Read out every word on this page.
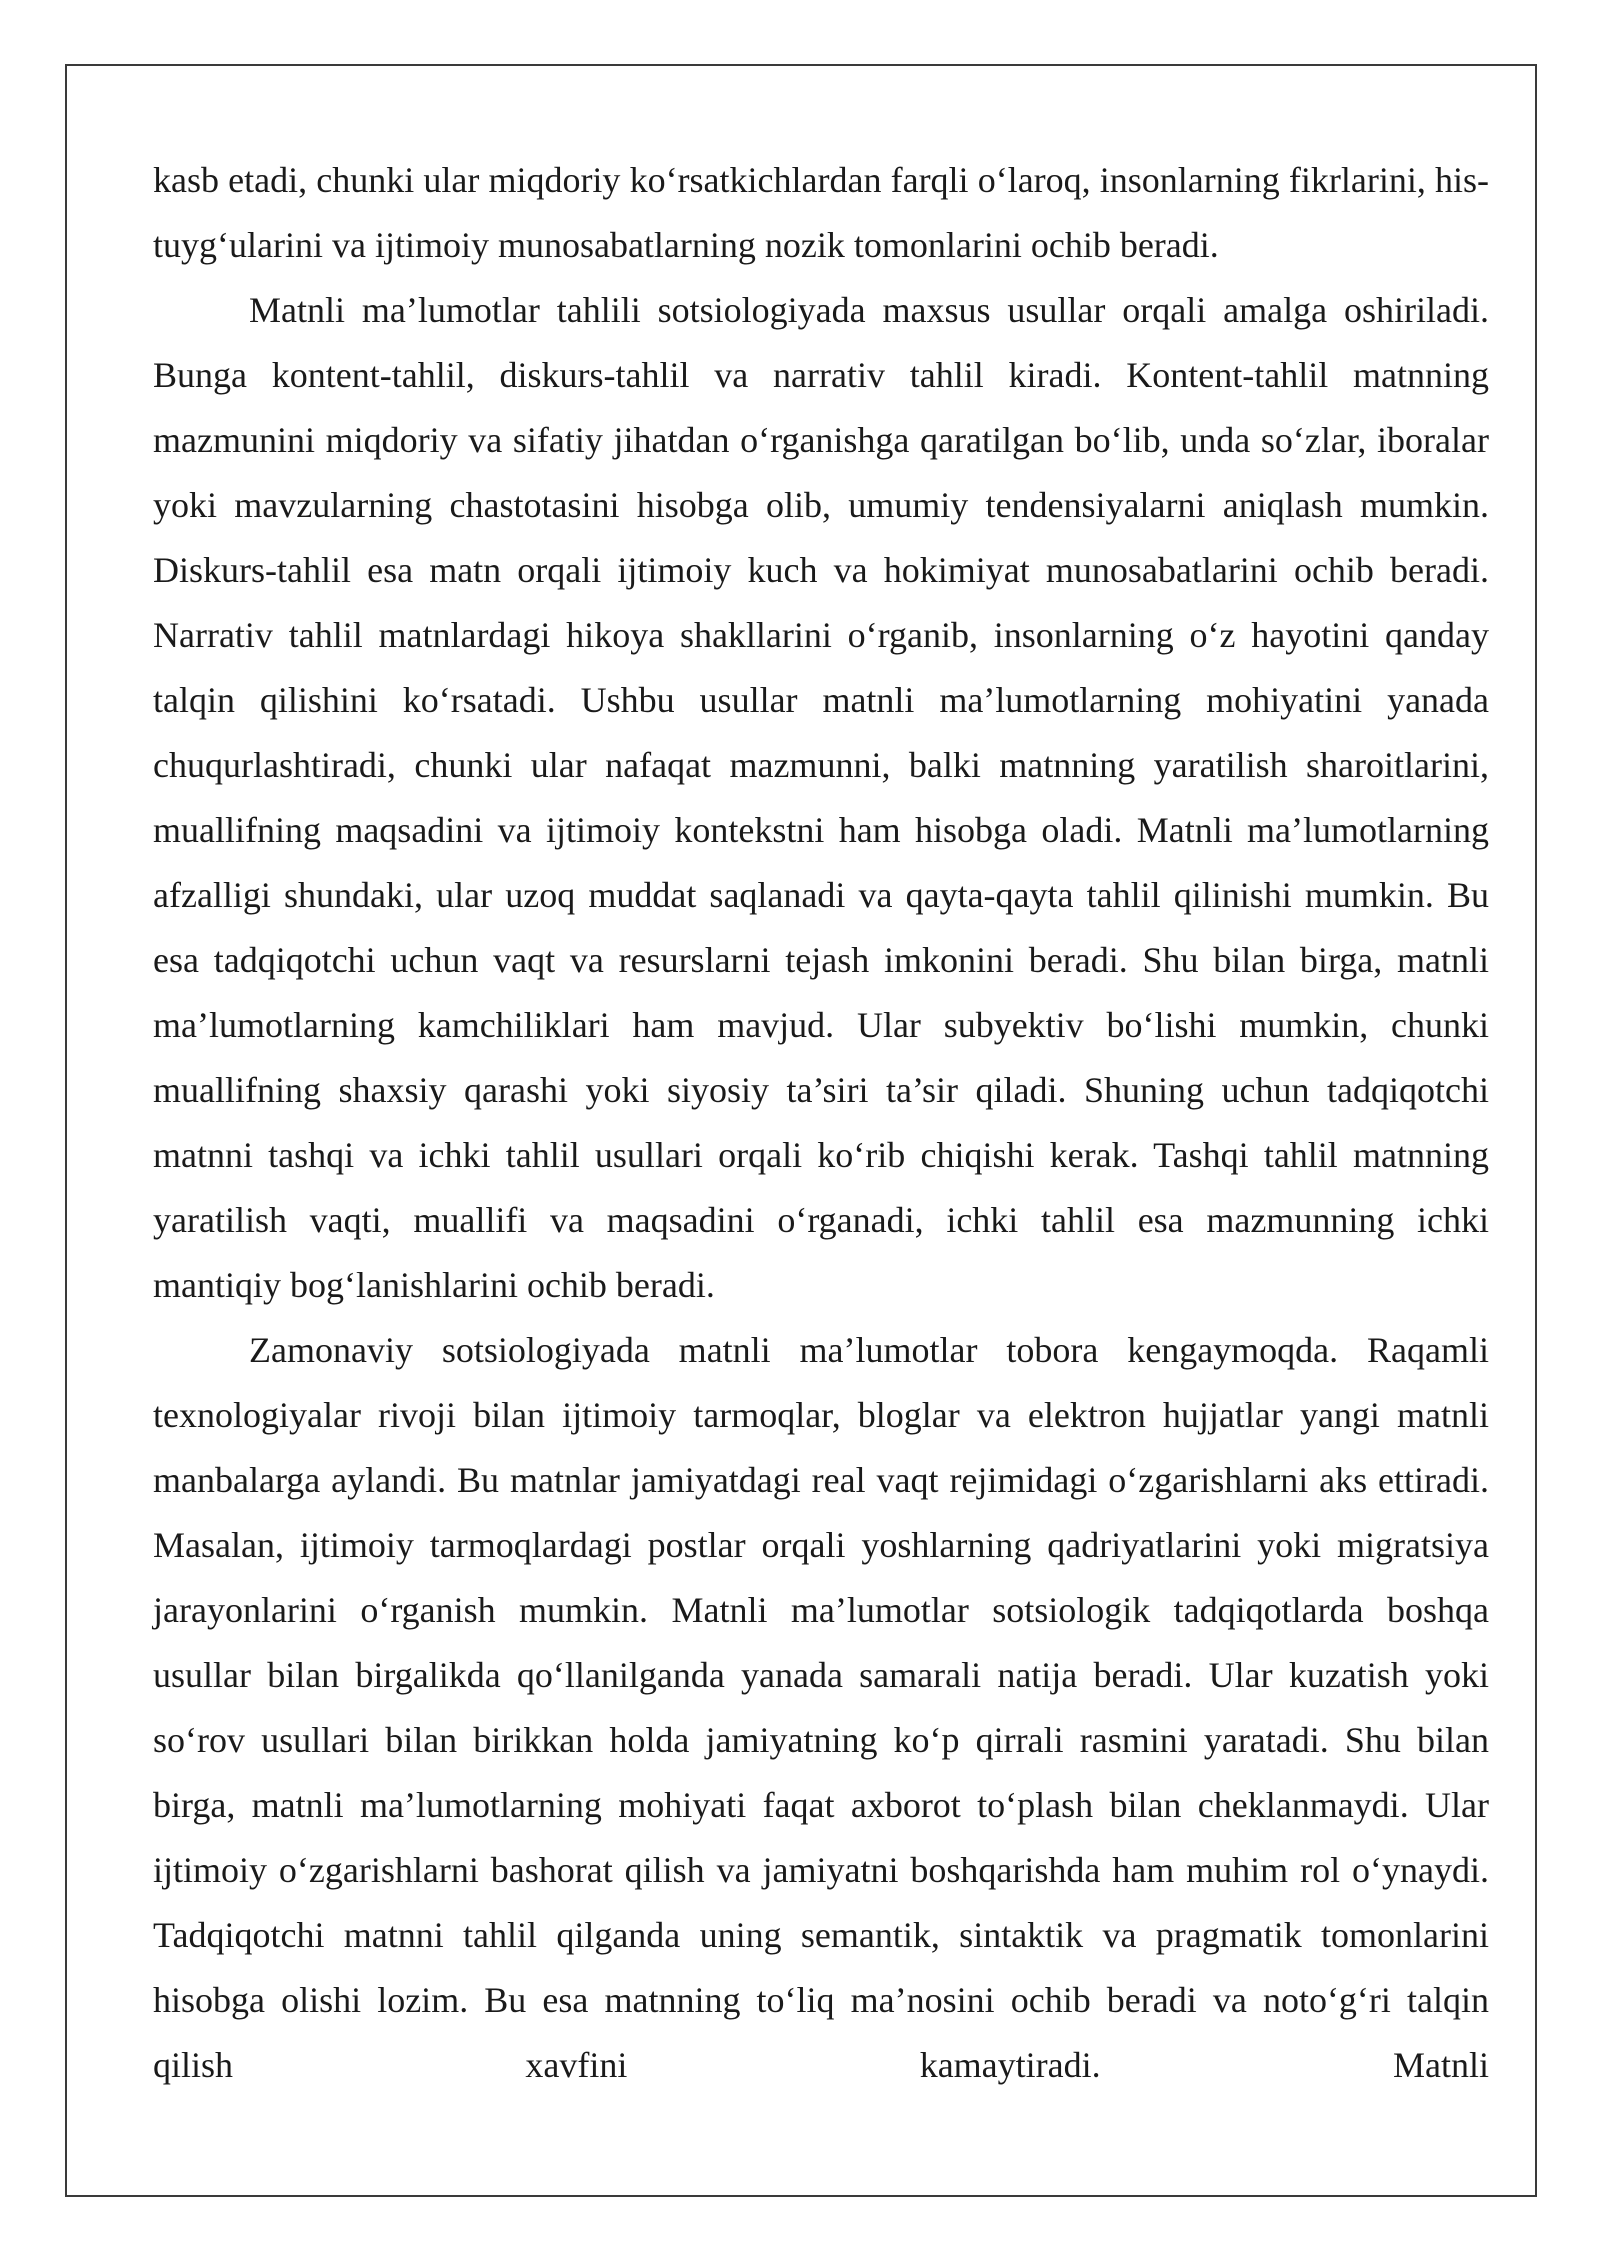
kasb etadi, chunki ular miqdoriy ko‘rsatkichlardan farqli o‘laroq, insonlarning fikrlarini, his-tuyg‘ularini va ijtimoiy munosabatlarning nozik tomonlarini ochib beradi.

Matnli ma’lumotlar tahlili sotsiologiyada maxsus usullar orqali amalga oshiriladi. Bunga kontent-tahlil, diskurs-tahlil va narrativ tahlil kiradi. Kontent-tahlil matnning mazmunini miqdoriy va sifatiy jihatdan o‘rganishga qaratilgan bo‘lib, unda so‘zlar, iboralar yoki mavzularning chastotasini hisobga olib, umumiy tendensiyalarni aniqlash mumkin. Diskurs-tahlil esa matn orqali ijtimoiy kuch va hokimiyat munosabatlarini ochib beradi. Narrativ tahlil matnlardagi hikoya shakllarini o‘rganib, insonlarning o‘z hayotini qanday talqin qilishini ko‘rsatadi. Ushbu usullar matnli ma’lumotlarning mohiyatini yanada chuqurlashtiradi, chunki ular nafaqat mazmunni, balki matnning yaratilish sharoitlarini, muallifning maqsadini va ijtimoiy kontekstni ham hisobga oladi. Matnli ma’lumotlarning afzalligi shundaki, ular uzoq muddat saqlanadi va qayta-qayta tahlil qilinishi mumkin. Bu esa tadqiqotchi uchun vaqt va resurslarni tejash imkonini beradi. Shu bilan birga, matnli ma’lumotlarning kamchiliklari ham mavjud. Ular subyektiv bo‘lishi mumkin, chunki muallifning shaxsiy qarashi yoki siyosiy ta’siri ta’sir qiladi. Shuning uchun tadqiqotchi matnni tashqi va ichki tahlil usullari orqali ko‘rib chiqishi kerak. Tashqi tahlil matnning yaratilish vaqti, muallifi va maqsadini o‘rganadi, ichki tahlil esa mazmunning ichki mantiqiy bog‘lanishlarini ochib beradi.

Zamonaviy sotsiologiyada matnli ma’lumotlar tobora kengaymoqda. Raqamli texnologiyalar rivoji bilan ijtimoiy tarmoqlar, bloglar va elektron hujjatlar yangi matnli manbalarga aylandi. Bu matnlar jamiyatdagi real vaqt rejimidagi o‘zgarishlarni aks ettiradi. Masalan, ijtimoiy tarmoqlardagi postlar orqali yoshlarning qadriyatlarini yoki migratsiya jarayonlarini o‘rganish mumkin. Matnli ma’lumotlar sotsiologik tadqiqotlarda boshqa usullar bilan birgalikda qo‘llanilganda yanada samarali natija beradi. Ular kuzatish yoki so‘rov usullari bilan birikkan holda jamiyatning ko‘p qirrali rasmini yaratadi. Shu bilan birga, matnli ma’lumotlarning mohiyati faqat axborot to‘plash bilan cheklanmaydi. Ular ijtimoiy o‘zgarishlarni bashorat qilish va jamiyatni boshqarishda ham muhim rol o‘ynaydi. Tadqiqotchi matnni tahlil qilganda uning semantik, sintaktik va pragmatik tomonlarini hisobga olishi lozim. Bu esa matnning to‘liq ma’nosini ochib beradi va noto‘g‘ri talqin qilish xavfini kamaytiradi. Matnli
